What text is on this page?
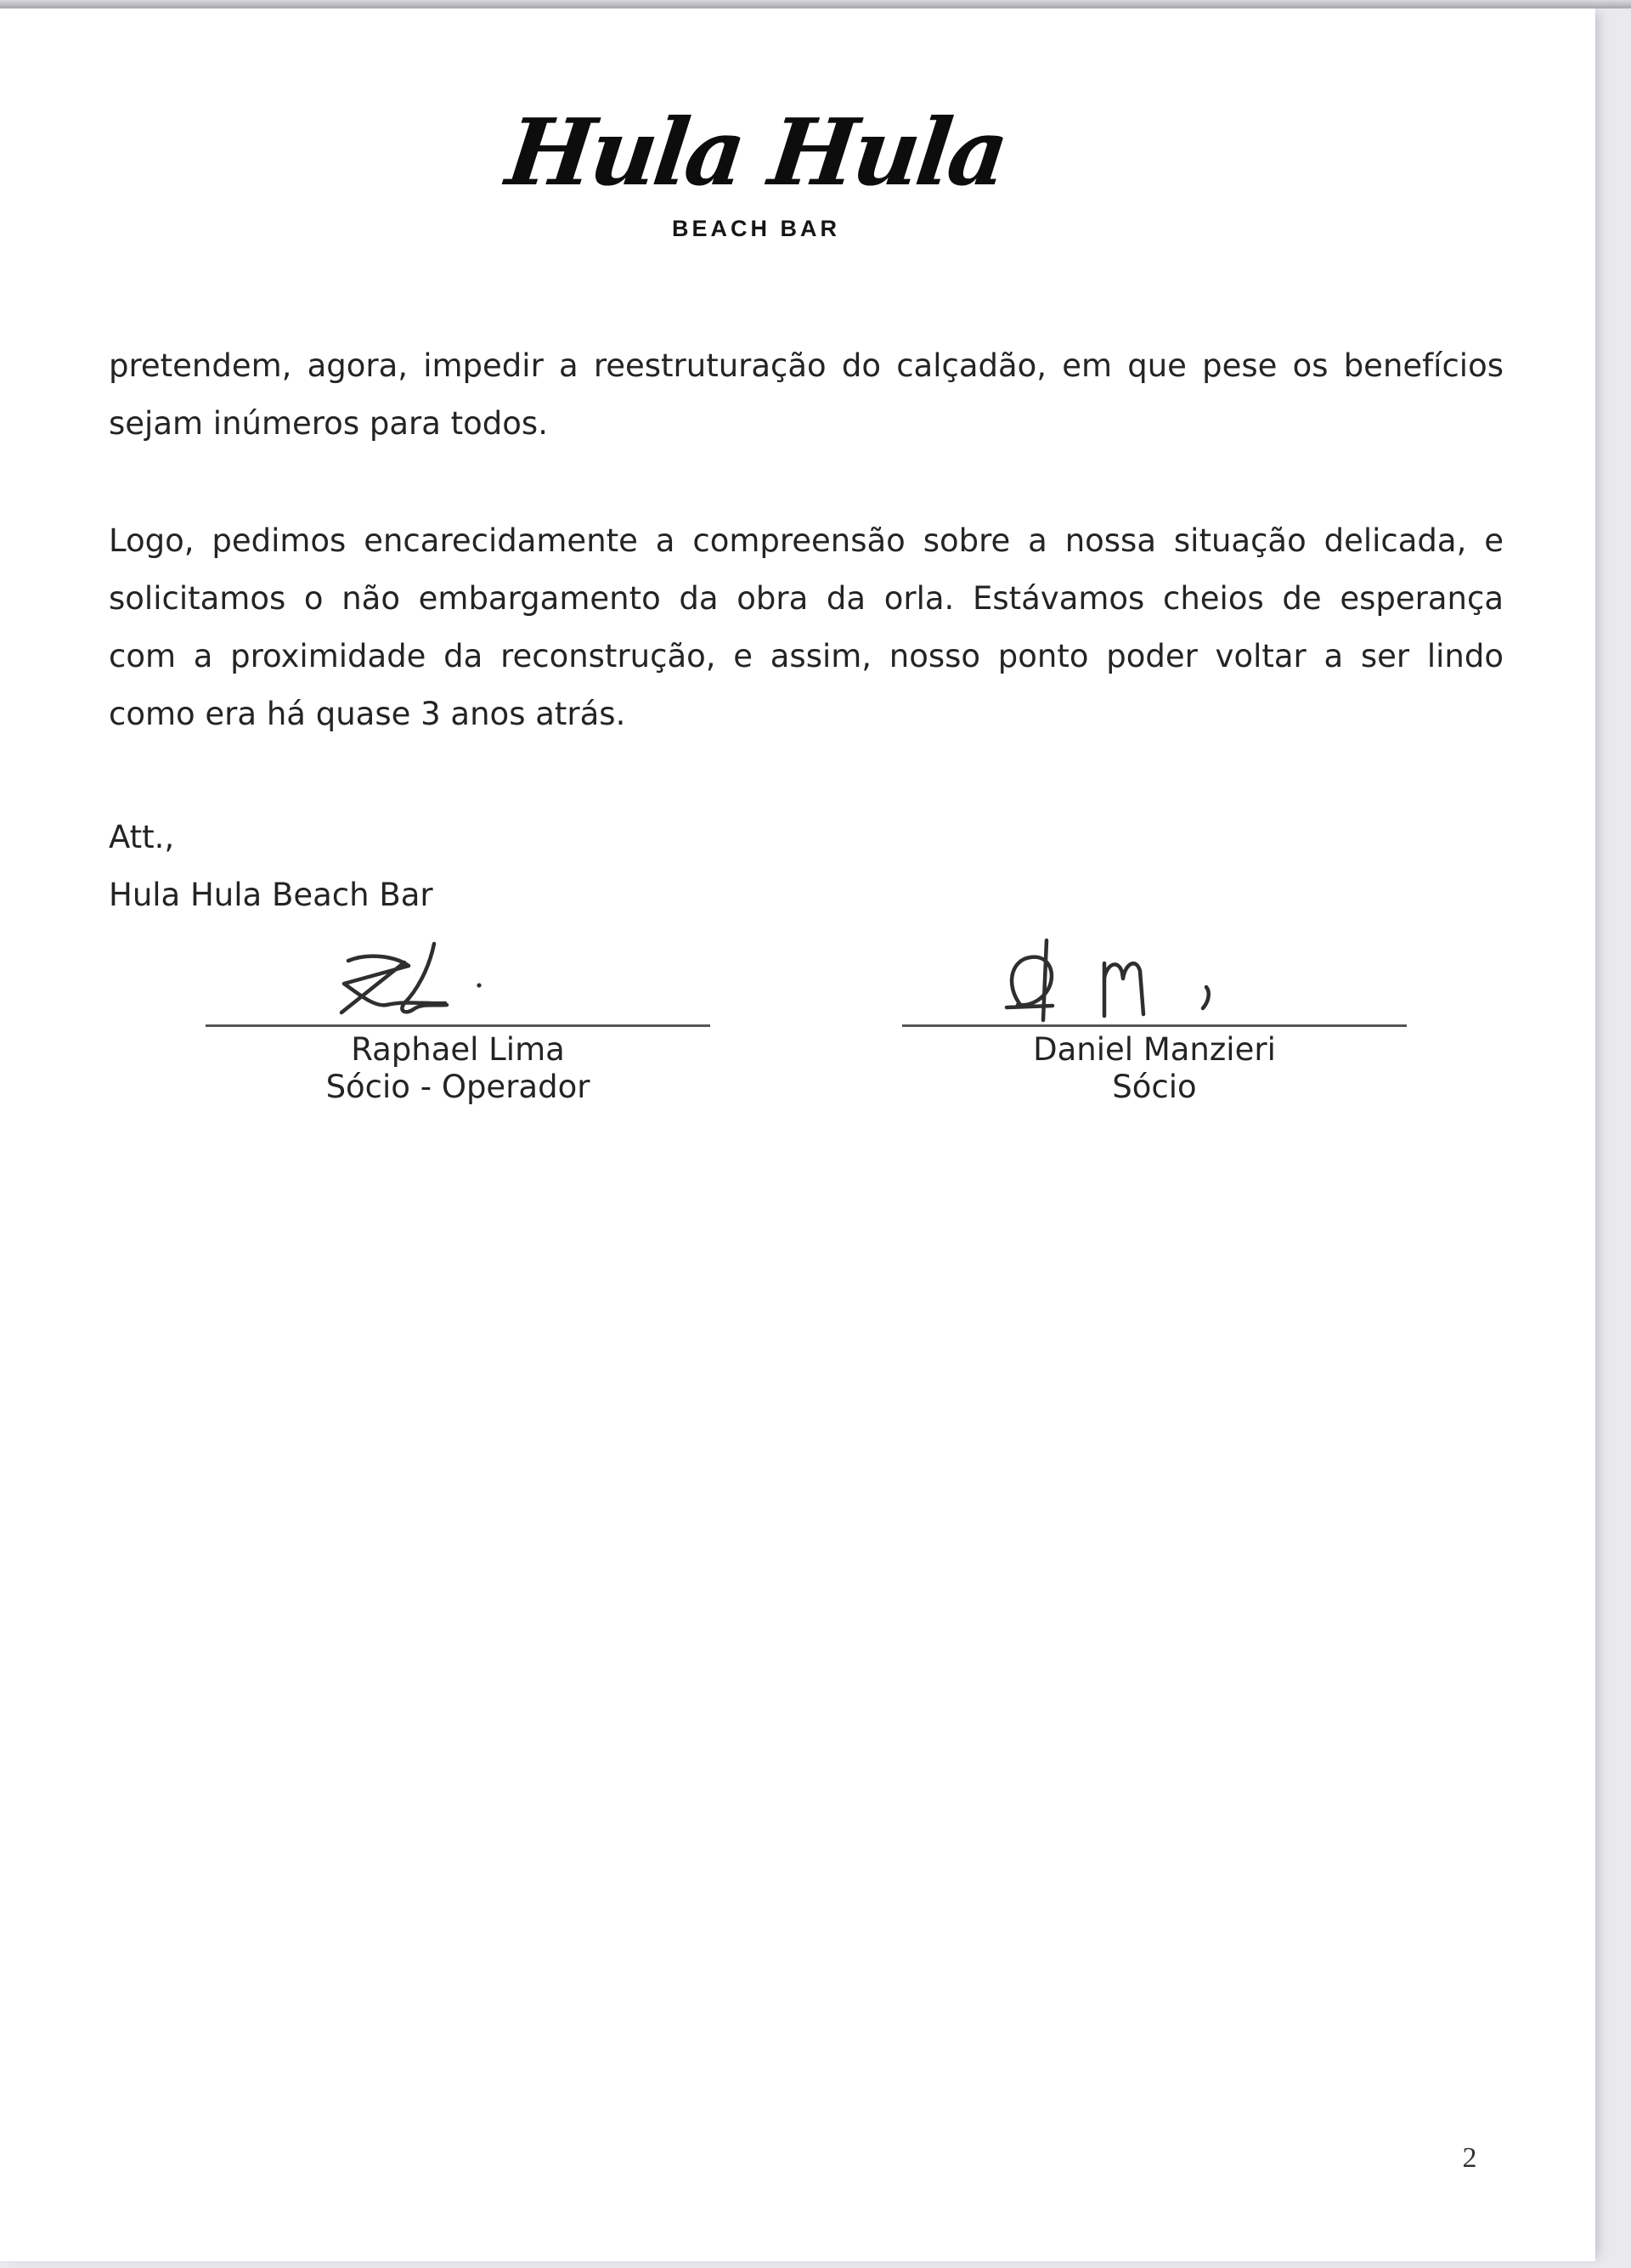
Hula Hula
BEACH BAR
pretendem, agora, impedir a reestruturação do calçadão, em que pese os benefícios
sejam inúmeros para todos.
Logo, pedimos encarecidamente a compreensão sobre a nossa situação delicada, e
solicitamos o não embargamento da obra da orla. Estávamos cheios de esperança
com a proximidade da reconstrução, e assim, nosso ponto poder voltar a ser lindo
como era há quase 3 anos atrás.
Att.,
Hula Hula Beach Bar
Raphael Lima
Sócio - Operador
Daniel Manzieri
Sócio
2
